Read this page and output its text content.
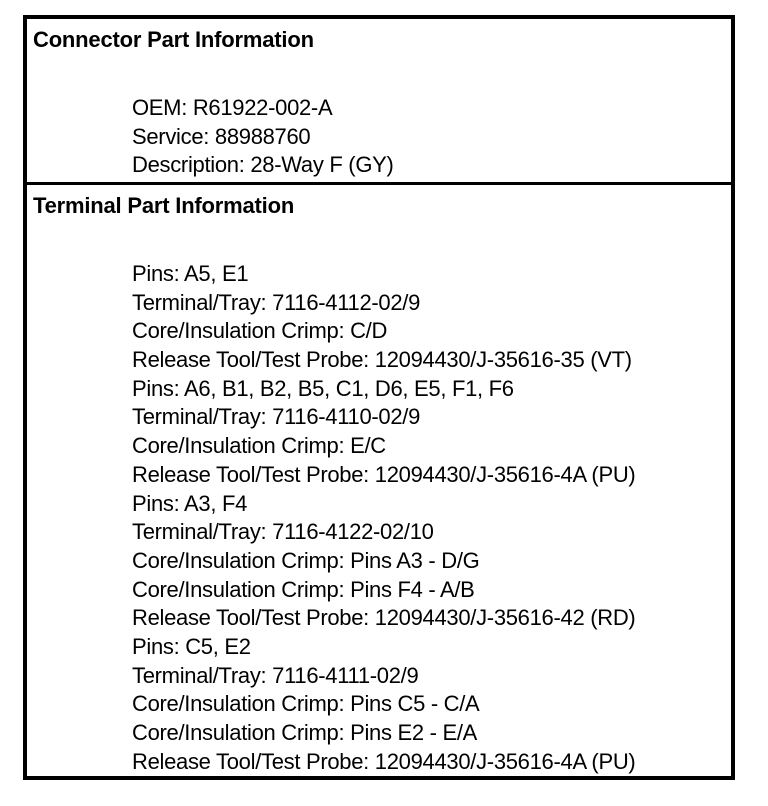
Connector Part Information
OEM: R61922-002-A
Service: 88988760
Description: 28-Way F (GY)
Terminal Part Information
Pins: A5, E1
Terminal/Tray: 7116-4112-02/9
Core/Insulation Crimp: C/D
Release Tool/Test Probe: 12094430/J-35616-35 (VT)
Pins: A6, B1, B2, B5, C1, D6, E5, F1, F6
Terminal/Tray: 7116-4110-02/9
Core/Insulation Crimp: E/C
Release Tool/Test Probe: 12094430/J-35616-4A (PU)
Pins: A3, F4
Terminal/Tray: 7116-4122-02/10
Core/Insulation Crimp: Pins A3 - D/G
Core/Insulation Crimp: Pins F4 - A/B
Release Tool/Test Probe: 12094430/J-35616-42 (RD)
Pins: C5, E2
Terminal/Tray: 7116-4111-02/9
Core/Insulation Crimp: Pins C5 - C/A
Core/Insulation Crimp: Pins E2 - E/A
Release Tool/Test Probe: 12094430/J-35616-4A (PU)
